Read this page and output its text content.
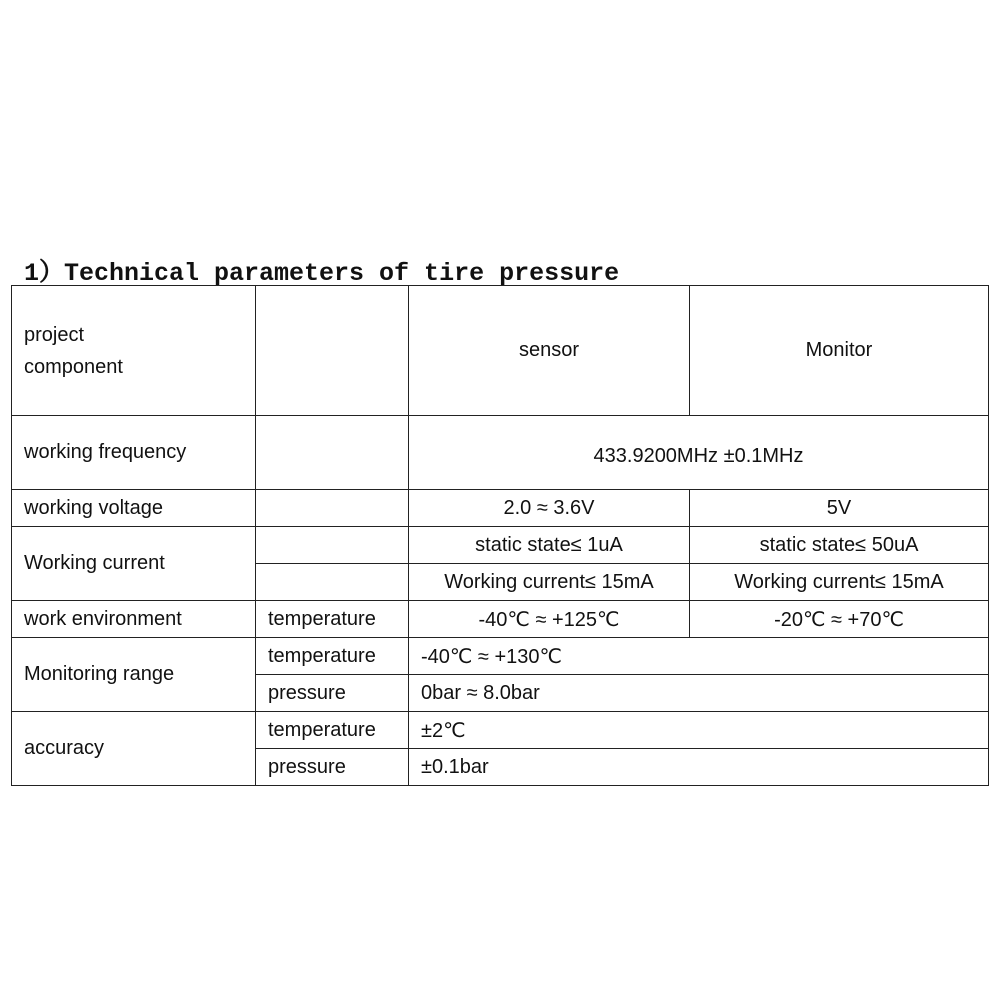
1）Technical parameters of tire pressure
project
component		sensor	Monitor
working frequency		433.9200MHz ±0.1MHz	
working voltage		2.0 ≈ 3.6V	5V
Working current		static state≤ 1uA	static state≤ 50uA
		Working current≤ 15mA	Working current≤ 15mA
work environment	temperature	-40℃ ≈ +125℃	-20℃ ≈ +70℃
Monitoring range	temperature	-40℃ ≈ +130℃	
	pressure	0bar ≈ 8.0bar	
accuracy	temperature	±2℃	
	pressure	±0.1bar	
